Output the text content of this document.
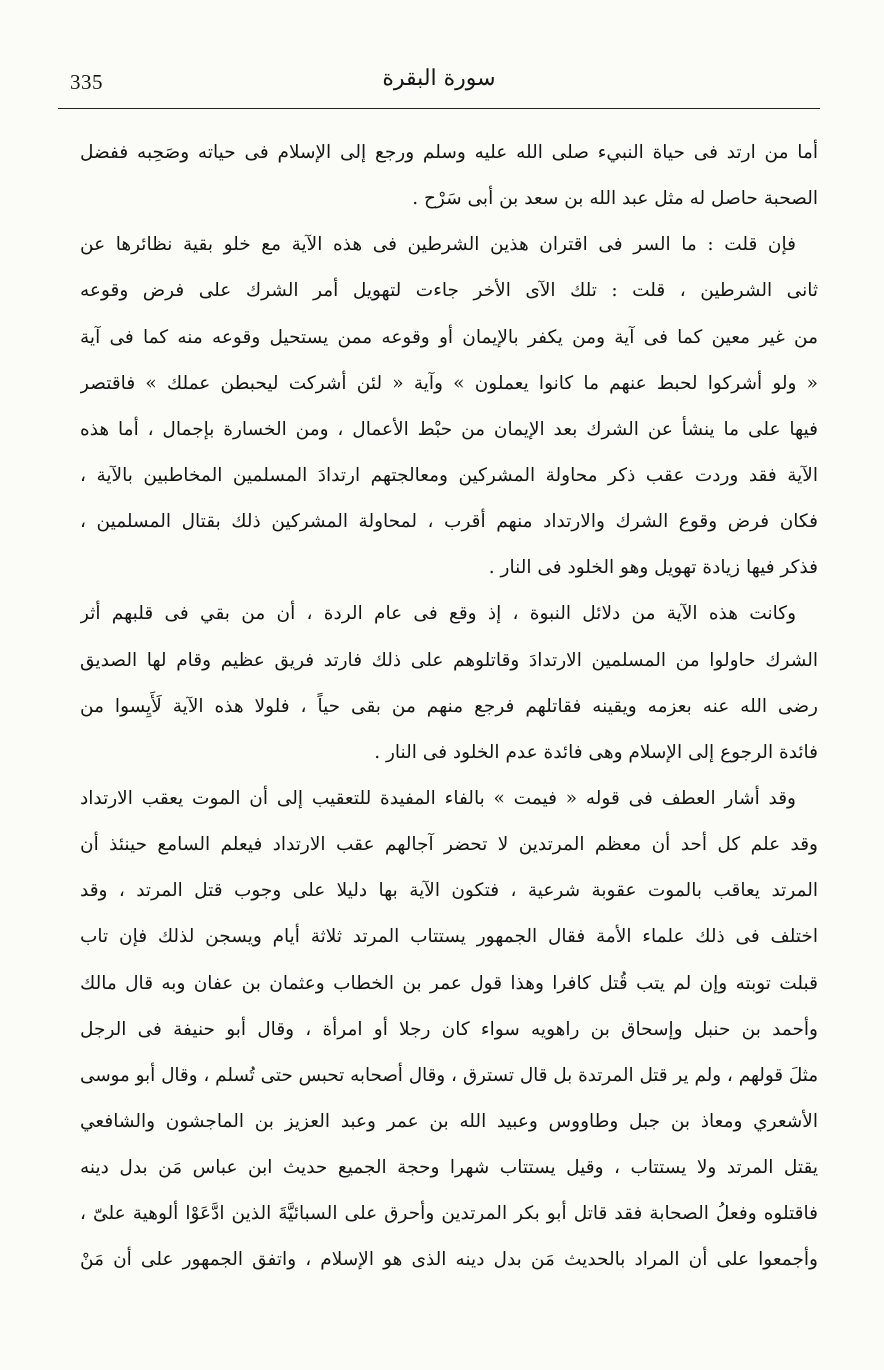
335	سورة البقرة
أما من ارتد فى حياة النبيء صلى الله عليه وسلم ورجع إلى الإسلام فى حياته وصَحِبه ففضل
الصحبة حاصل له مثل عبد الله بن سعد بن أبى سَرْح .
فإن قلت : ما السر فى اقتران هذين الشرطين فى هذه الآية مع خلو بقية نظائرها عن
ثانى الشرطين ، قلت : تلك الآى الأخر جاءت لتهويل أمر الشرك على فرض وقوعه
من غير معين كما فى آية ومن يكفر بالإيمان أو وقوعه ممن يستحيل وقوعه منه كما فى آية
« ولو أشركوا لحبط عنهم ما كانوا يعملون » وآية « لئن أشركت ليحبطن عملك » فاقتصر
فيها على ما ينشأ عن الشرك بعد الإيمان من حبْط الأعمال ، ومن الخسارة بإجمال ، أما هذه
الآية فقد وردت عقب ذكر محاولة المشركين ومعالجتهم ارتدادَ المسلمين المخاطبين بالآية ،
فكان فرض وقوع الشرك والارتداد منهم أقرب ، لمحاولة المشركين ذلك بقتال المسلمين ،
فذكر فيها زيادة تهويل وهو الخلود فى النار .
وكانت هذه الآية من دلائل النبوة ، إذ وقع فى عام الردة ، أن من بقي فى قلبهم أثر
الشرك حاولوا من المسلمين الارتدادَ وقاتلوهم على ذلك فارتد فريق عظيم وقام لها الصديق
رضى الله عنه بعزمه ويقينه فقاتلهم فرجع منهم من بقى حياً ، فلولا هذه الآية لَأَيِسوا من
فائدة الرجوع إلى الإسلام وهى فائدة عدم الخلود فى النار .
وقد أشار العطف فى قوله « فيمت » بالفاء المفيدة للتعقيب إلى أن الموت يعقب الارتداد
وقد علم كل أحد أن معظم المرتدين لا تحضر آجالهم عقب الارتداد فيعلم السامع حينئذ أن
المرتد يعاقب بالموت عقوبة شرعية ، فتكون الآية بها دليلا على وجوب قتل المرتد ، وقد
اختلف فى ذلك علماء الأمة فقال الجمهور يستتاب المرتد ثلاثة أيام ويسجن لذلك فإن تاب
قبلت توبته وإن لم يتب قُتل كافرا وهذا قول عمر بن الخطاب وعثمان بن عفان وبه قال مالك
وأحمد بن حنبل وإسحاق بن راهويه سواء كان رجلا أو امرأة ، وقال أبو حنيفة فى الرجل
مثلَ قولهم ، ولم ير قتل المرتدة بل قال تسترق ، وقال أصحابه تحبس حتى تُسلم ، وقال أبو موسى
الأشعري ومعاذ بن جبل وطاووس وعبيد الله بن عمر وعبد العزيز بن الماجشون والشافعي
يقتل المرتد ولا يستتاب ، وقيل يستتاب شهرا وحجة الجميع حديث ابن عباس مَن بدل دينه
فاقتلوه وفعلُ الصحابة فقد قاتل أبو بكر المرتدين وأحرق على السبائيَّةَ الذين ادَّعَوْا ألوهية علىّ ،
وأجمعوا على أن المراد بالحديث مَن بدل دينه الذى هو الإسلام ، واتفق الجمهور على أن مَنْ
